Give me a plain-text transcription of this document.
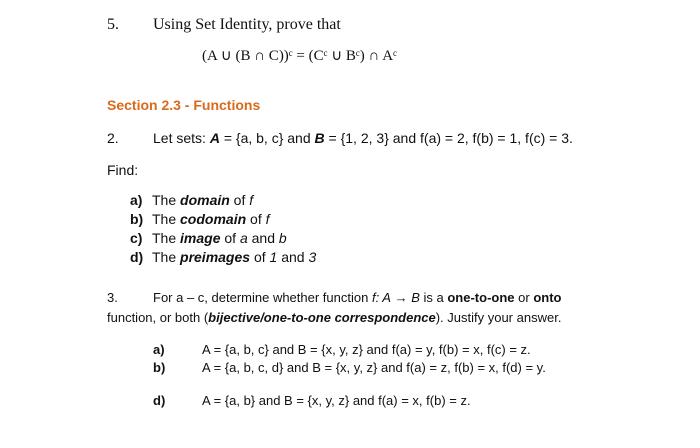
5. Using Set Identity, prove that
(A ∪ (B ∩ C))ᶜ = (Cᶜ ∪ Bᶜ) ∩ Aᶜ
Section 2.3 - Functions
2. Let sets: A = {a, b, c} and B = {1, 2, 3} and f(a) = 2, f(b) = 1, f(c) = 3.
Find:
a) The domain of f
b) The codomain of f
c) The image of a and b
d) The preimages of 1 and 3
3.	For a – c, determine whether function f: A → B is a one-to-one or onto
function, or both (bijective/one-to-one correspondence). Justify your answer.
a)	A = {a, b, c} and B = {x, y, z} and f(a) = y, f(b) = x, f(c) = z.
b)	A = {a, b, c, d} and B = {x, y, z} and f(a) = z, f(b) = x, f(d) = y.
d)	A = {a, b} and B = {x, y, z} and f(a) = x, f(b) = z.
